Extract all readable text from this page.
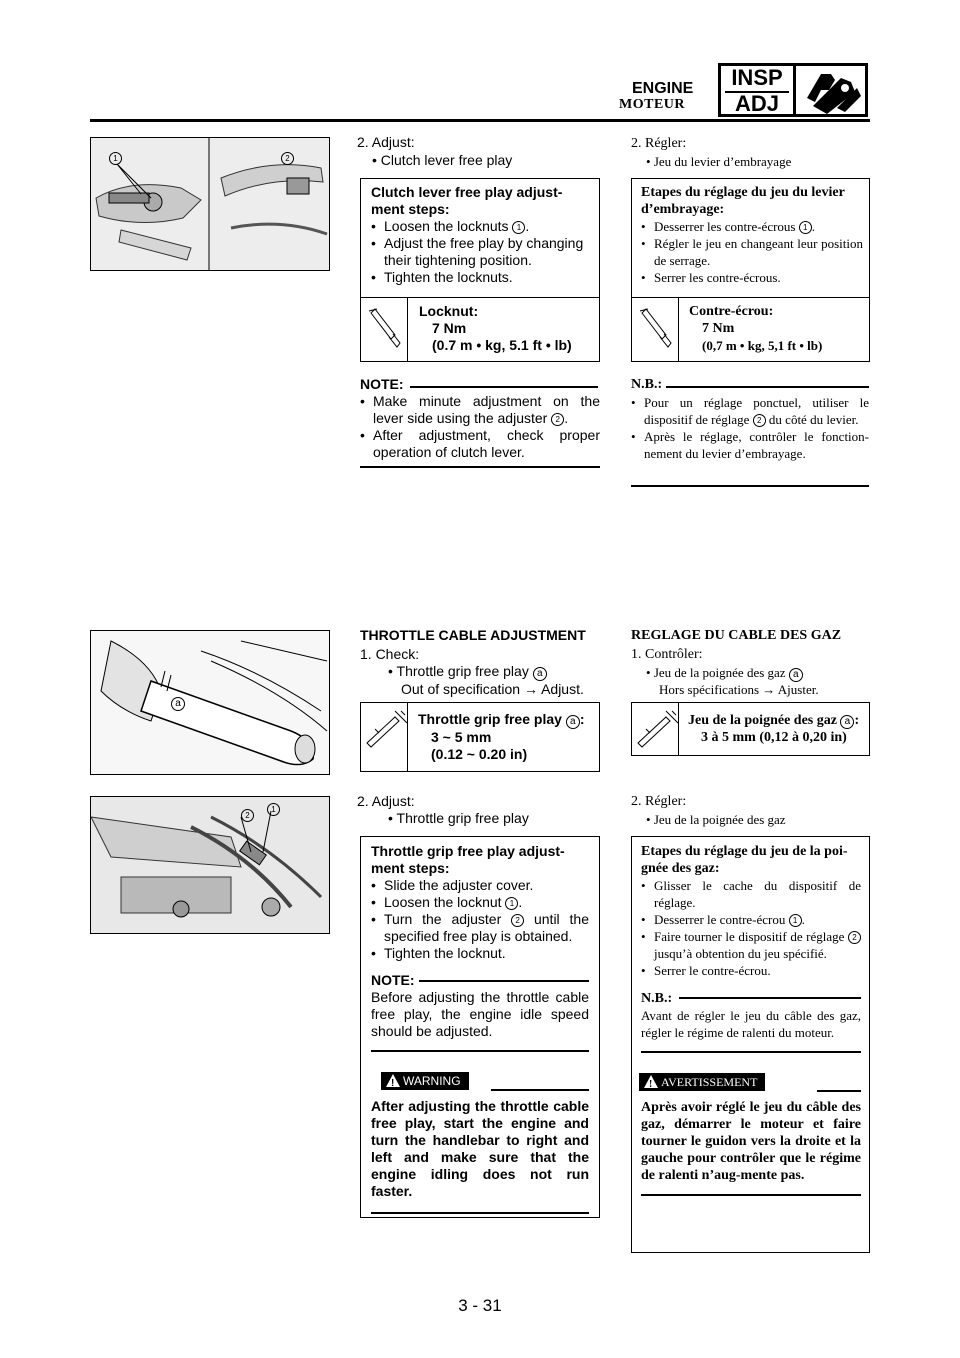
ENGINE
MOTEUR
INSP
ADJ
1	2
2. Adjust:
• Clutch lever free play
Clutch lever free play adjust-ment steps:
• Loosen the locknuts 1 .
• Adjust the free play by changing their tightening position.
• Tighten the locknuts.
Locknut:
7 Nm
(0.7 m • kg, 5.1 ft • lb)
NOTE:
• Make minute adjustment on the lever side using the adjuster 2 .
• After adjustment, check proper operation of clutch lever.
2. Régler:
• Jeu du levier d’embrayage
Etapes du réglage du jeu du levier d’embrayage:
• Desserrer les contre-écrous 1 .
• Régler le jeu en changeant leur position de serrage.
• Serrer les contre-écrous.
Contre-écrou:
7 Nm
(0,7 m • kg, 5,1 ft • lb)
N.B.:
• Pour un réglage ponctuel, utiliser le dispositif de réglage 2 du côté du levier.
• Après le réglage, contrôler le fonction-nement du levier d’embrayage.
a
THROTTLE CABLE ADJUSTMENT
1. Check:
• Throttle grip free play a
Out of specification → Adjust.
Throttle grip free play a :
3 ~ 5 mm
(0.12 ~ 0.20 in)
REGLAGE DU CABLE DES GAZ
1. Contrôler:
• Jeu de la poignée des gaz a
Hors spécifications → Ajuster.
Jeu de la poignée des gaz a :
3 à 5 mm (0,12 à 0,20 in)
2
1
2. Adjust:
• Throttle grip free play
Throttle grip free play adjust-ment steps:
• Slide the adjuster cover.
• Loosen the locknut 1 .
• Turn the adjuster 2 until the specified free play is obtained.
• Tighten the locknut.
NOTE:
Before adjusting the throttle cable free play, the engine idle speed should be adjusted.
!
WARNING
After adjusting the throttle cable free play, start the engine and turn the handlebar to right and left and make sure that the engine idling does not run faster.
2. Régler:
• Jeu de la poignée des gaz
Etapes du réglage du jeu de la poi-gnée des gaz:
• Glisser le cache du dispositif de réglage.
• Desserrer le contre-écrou 1 .
• Faire tourner le dispositif de réglage 2 jusqu’à obtention du jeu spécifié.
• Serrer le contre-écrou.
N.B.:
Avant de régler le jeu du câble des gaz, régler le régime de ralenti du moteur.
!
AVERTISSEMENT
Après avoir réglé le jeu du câble des gaz, démarrer le moteur et faire tourner le guidon vers la droite et la gauche pour contrôler que le régime de ralenti n’aug-mente pas.
3 - 31
